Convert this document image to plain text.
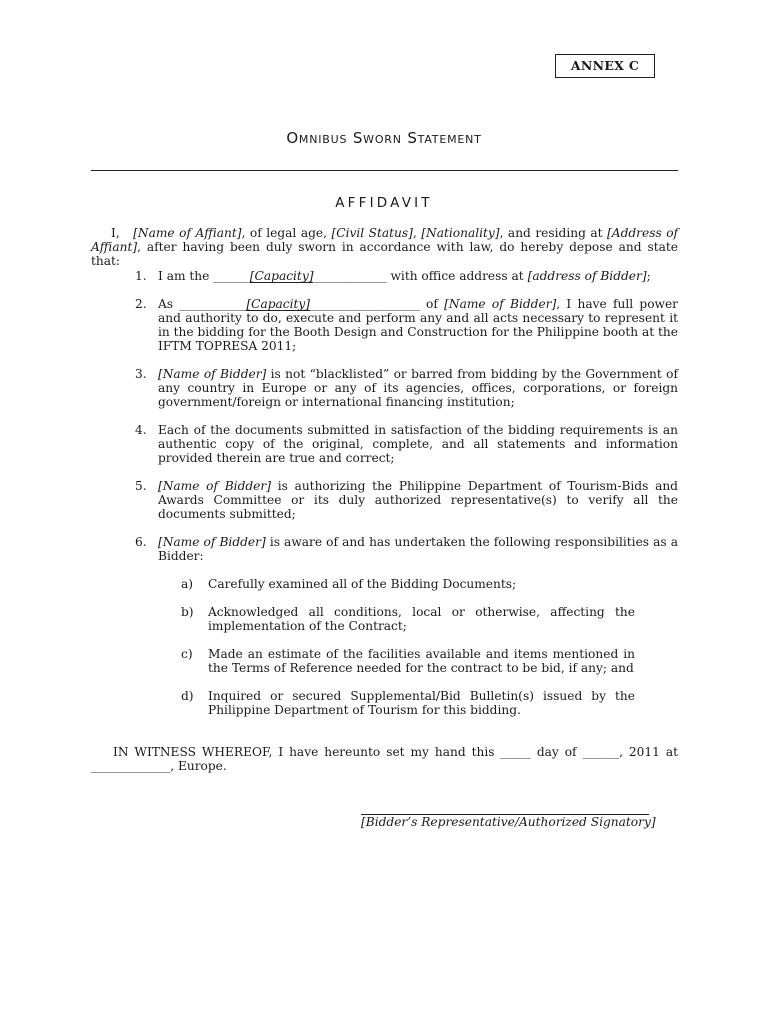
ANNEX C
Omnibus Sworn Statement
AFFIDAVIT

I, [Name of Affiant], of legal age, [Civil Status], [Nationality], and residing at [Address of Affiant], after having been duly sworn in accordance with law, do hereby depose and state that:

1. I am the ______[Capacity]____________ with office address at [address of Bidder];
2. As ___________[Capacity]__________________ of [Name of Bidder], I have full power and authority to do, execute and perform any and all acts necessary to represent it in the bidding for the Booth Design and Construction for the Philippine booth at the IFTM TOPRESA 2011;
3. [Name of Bidder] is not “blacklisted” or barred from bidding by the Government of any country in Europe or any of its agencies, offices, corporations, or foreign government/foreign or international financing institution;
4. Each of the documents submitted in satisfaction of the bidding requirements is an authentic copy of the original, complete, and all statements and information provided therein are true and correct;
5. [Name of Bidder] is authorizing the Philippine Department of Tourism-Bids and Awards Committee or its duly authorized representative(s) to verify all the documents submitted;
6. [Name of Bidder] is aware of and has undertaken the following responsibilities as a Bidder:
a) Carefully examined all of the Bidding Documents;
b) Acknowledged all conditions, local or otherwise, affecting the implementation of the Contract;
c) Made an estimate of the facilities available and items mentioned in the Terms of Reference needed for the contract to be bid, if any; and
d) Inquired or secured Supplemental/Bid Bulletin(s) issued by the Philippine Department of Tourism for this bidding.

IN WITNESS WHEREOF, I have hereunto set my hand this _____ day of ______, 2011 at _____________, Europe.

[Bidder’s Representative/Authorized Signatory]
